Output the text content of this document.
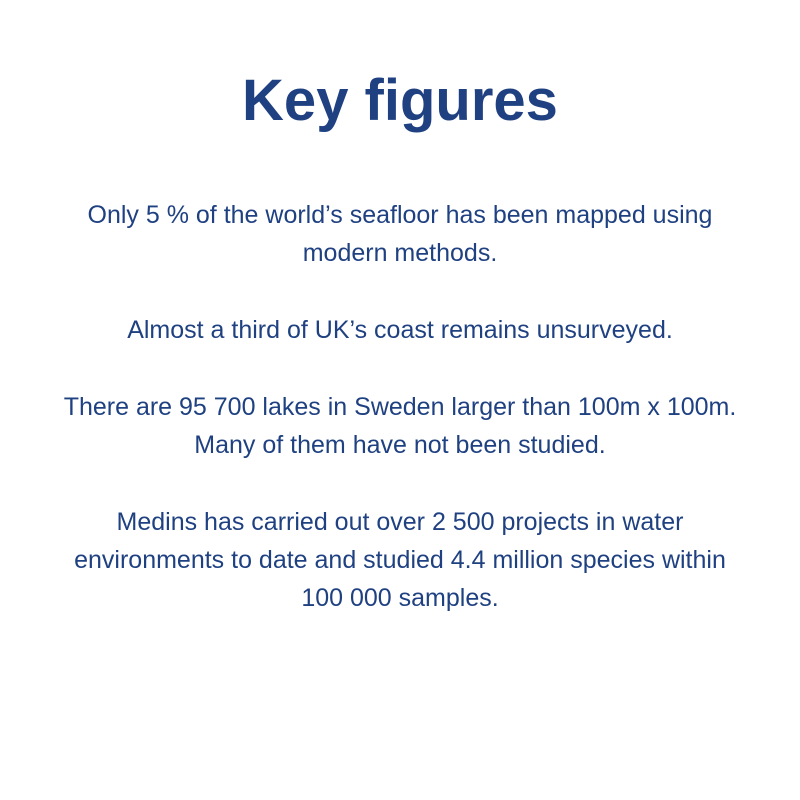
Key figures
Only 5 % of the world’s seafloor has been mapped using modern methods.
Almost a third of UK’s coast remains unsurveyed.
There are 95 700 lakes in Sweden larger than 100m x 100m. Many of them have not been studied.
Medins has carried out over 2 500 projects in water environments to date and studied 4.4 million species within 100 000 samples.
